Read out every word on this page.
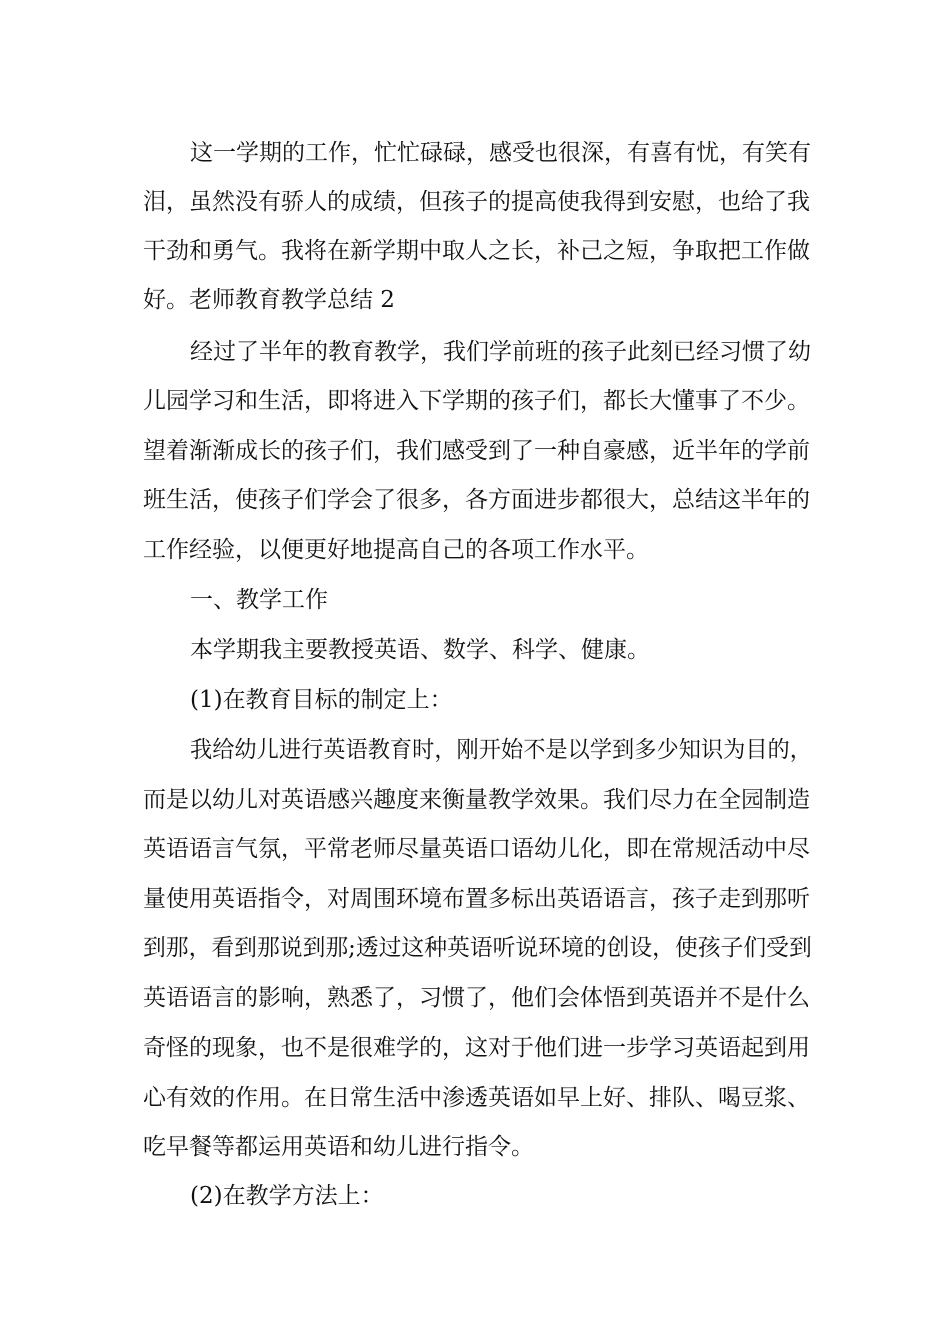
这一学期的工作，忙忙碌碌，感受也很深，有喜有忧，有笑有
泪，虽然没有骄人的成绩，但孩子的提高使我得到安慰，也给了我
干劲和勇气。我将在新学期中取人之长，补己之短，争取把工作做
好。老师教育教学总结 2
经过了半年的教育教学，我们学前班的孩子此刻已经习惯了幼
儿园学习和生活，即将进入下学期的孩子们，都长大懂事了不少。
望着渐渐成长的孩子们，我们感受到了一种自豪感，近半年的学前
班生活，使孩子们学会了很多，各方面进步都很大，总结这半年的
工作经验，以便更好地提高自己的各项工作水平。
一、教学工作
本学期我主要教授英语、数学、科学、健康。
(1)在教育目标的制定上：
我给幼儿进行英语教育时，刚开始不是以学到多少知识为目的，
而是以幼儿对英语感兴趣度来衡量教学效果。我们尽力在全园制造
英语语言气氛，平常老师尽量英语口语幼儿化，即在常规活动中尽
量使用英语指令，对周围环境布置多标出英语语言，孩子走到那听
到那，看到那说到那;透过这种英语听说环境的创设，使孩子们受到
英语语言的影响，熟悉了，习惯了，他们会体悟到英语并不是什么
奇怪的现象，也不是很难学的，这对于他们进一步学习英语起到用
心有效的作用。在日常生活中渗透英语如早上好、排队、喝豆浆、
吃早餐等都运用英语和幼儿进行指令。
(2)在教学方法上：
